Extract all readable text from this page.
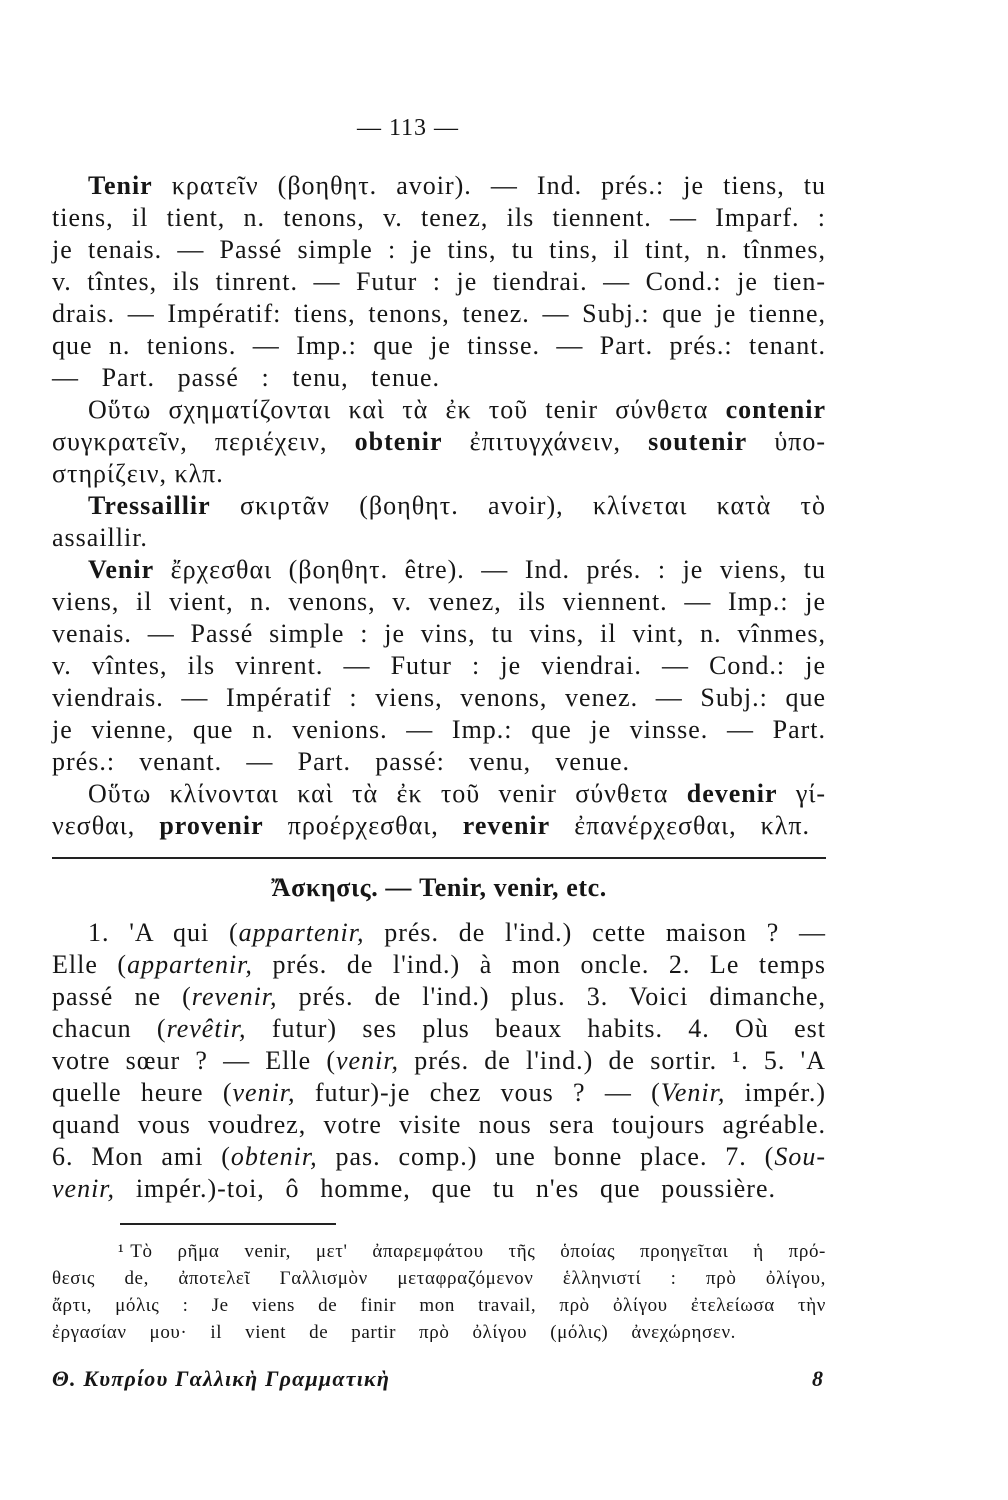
— 113 —
Tenir κρατεῖν (βοηθητ. avoir). — Ind. prés.: je tiens, tu
tiens, il tient, n. tenons, v. tenez, ils tiennent. — Imparf. :
je tenais. — Passé simple : je tins, tu tins, il tint, n. tînmes,
v. tîntes, ils tinrent. — Futur : je tiendrai. — Cond.: je tien-
drais. — Impératif: tiens, tenons, tenez. — Subj.: que je tienne,
que n. tenions. — Imp.: que je tinsse. — Part. prés.: tenant.
— Part. passé : tenu, tenue.
Οὕτω σχηματίζονται καὶ τὰ ἐκ τοῦ tenir σύνθετα contenir
συγκρατεῖν, περιέχειν, obtenir ἐπιτυγχάνειν, soutenir ὑπο-
στηρίζειν, κλπ.
Tressaillir σκιρτᾶν (βοηθητ. avoir), κλίνεται κατὰ τὸ
assaillir.
Venir ἔρχεσθαι (βοηθητ. être). — Ind. prés. : je viens, tu
viens, il vient, n. venons, v. venez, ils viennent. — Imp.: je
venais. — Passé simple : je vins, tu vins, il vint, n. vînmes,
v. vîntes, ils vinrent. — Futur : je viendrai. — Cond.: je
viendrais. — Impératif : viens, venons, venez. — Subj.: que
je vienne, que n. venions. — Imp.: que je vinsse. — Part.
prés.: venant. — Part. passé: venu, venue.
Οὕτω κλίνονται καὶ τὰ ἐκ τοῦ venir σύνθετα devenir γί-
νεσθαι, provenir προέρχεσθαι, revenir ἐπανέρχεσθαι, κλπ.
Ἄσκησις. — Tenir, venir, etc.
1. 'A qui (appartenir, prés. de l'ind.) cette maison ? —
Elle (appartenir, prés. de l'ind.) à mon oncle. 2. Le temps
passé ne (revenir, prés. de l'ind.) plus. 3. Voici dimanche,
chacun (revêtir, futur) ses plus beaux habits. 4. Où est
votre sœur ? — Elle (venir, prés. de l'ind.) de sortir. ¹. 5. 'A
quelle heure (venir, futur)-je chez vous ? — (Venir, impér.)
quand vous voudrez, votre visite nous sera toujours agréable.
6. Mon ami (obtenir, pas. comp.) une bonne place. 7. (Sou-
venir, impér.)-toi, ô homme, que tu n'es que poussière.
¹ Τὸ ρῆμα venir, μετ' ἀπαρεμφάτου τῆς ὁποίας προηγεῖται ἡ πρό-
θεσις de, ἀποτελεῖ Γαλλισμὸν μεταφραζόμενον ἑλληνιστί : πρὸ ὀλίγου,
ἄρτι, μόλις : Je viens de finir mon travail, πρὸ ὀλίγου ἐτελείωσα τὴν
ἐργασίαν μου· il vient de partir πρὸ ὀλίγου (μόλις) ἀνεχώρησεν.
Θ. Κυπρίου Γαλλικὴ Γραμματικὴ	8
